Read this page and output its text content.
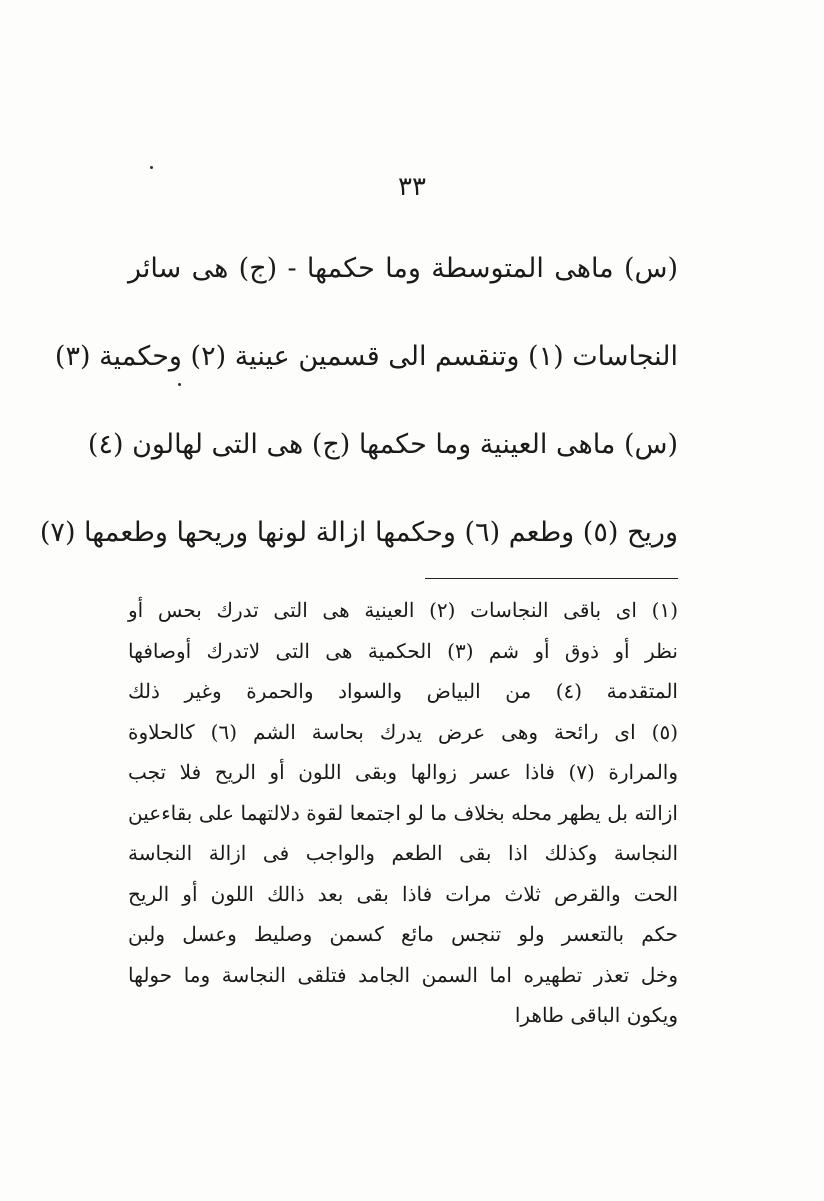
٣٣
(س) ماهى المتوسطة وما حكمها - (ج) هى سائر
النجاسات (١) وتنقسم الى قسمين عينية (٢) وحكمية (٣)
(س) ماهى العينية وما حكمها (ج) هى التى لهالون (٤)
وريح (٥) وطعم (٦) وحكمها ازالة لونها وريحها وطعمها (٧)
(١) اى باقى النجاسات (٢) العينية هى التى تدرك بحس أو
نظر أو ذوق أو شم (٣) الحكمية هى التى لاتدرك أوصافها
المتقدمة (٤) من البياض والسواد والحمرة وغير ذلك
(٥) اى رائحة وهى عرض يدرك بحاسة الشم (٦) كالحلاوة
والمرارة (٧) فاذا عسر زوالها وبقى اللون أو الريح فلا تجب
ازالته بل يطهر محله بخلاف ما لو اجتمعا لقوة دلالتهما على بقاءعين
النجاسة وكذلك اذا بقى الطعم والواجب فى ازالة النجاسة
الحت والقرص ثلاث مرات فاذا بقى بعد ذالك اللون أو الريح
حكم بالتعسر ولو تنجس مائع كسمن وصليط وعسل ولبن
وخل تعذر تطهيره اما السمن الجامد فتلقى النجاسة وما حولها
ويكون الباقى طاهرا
